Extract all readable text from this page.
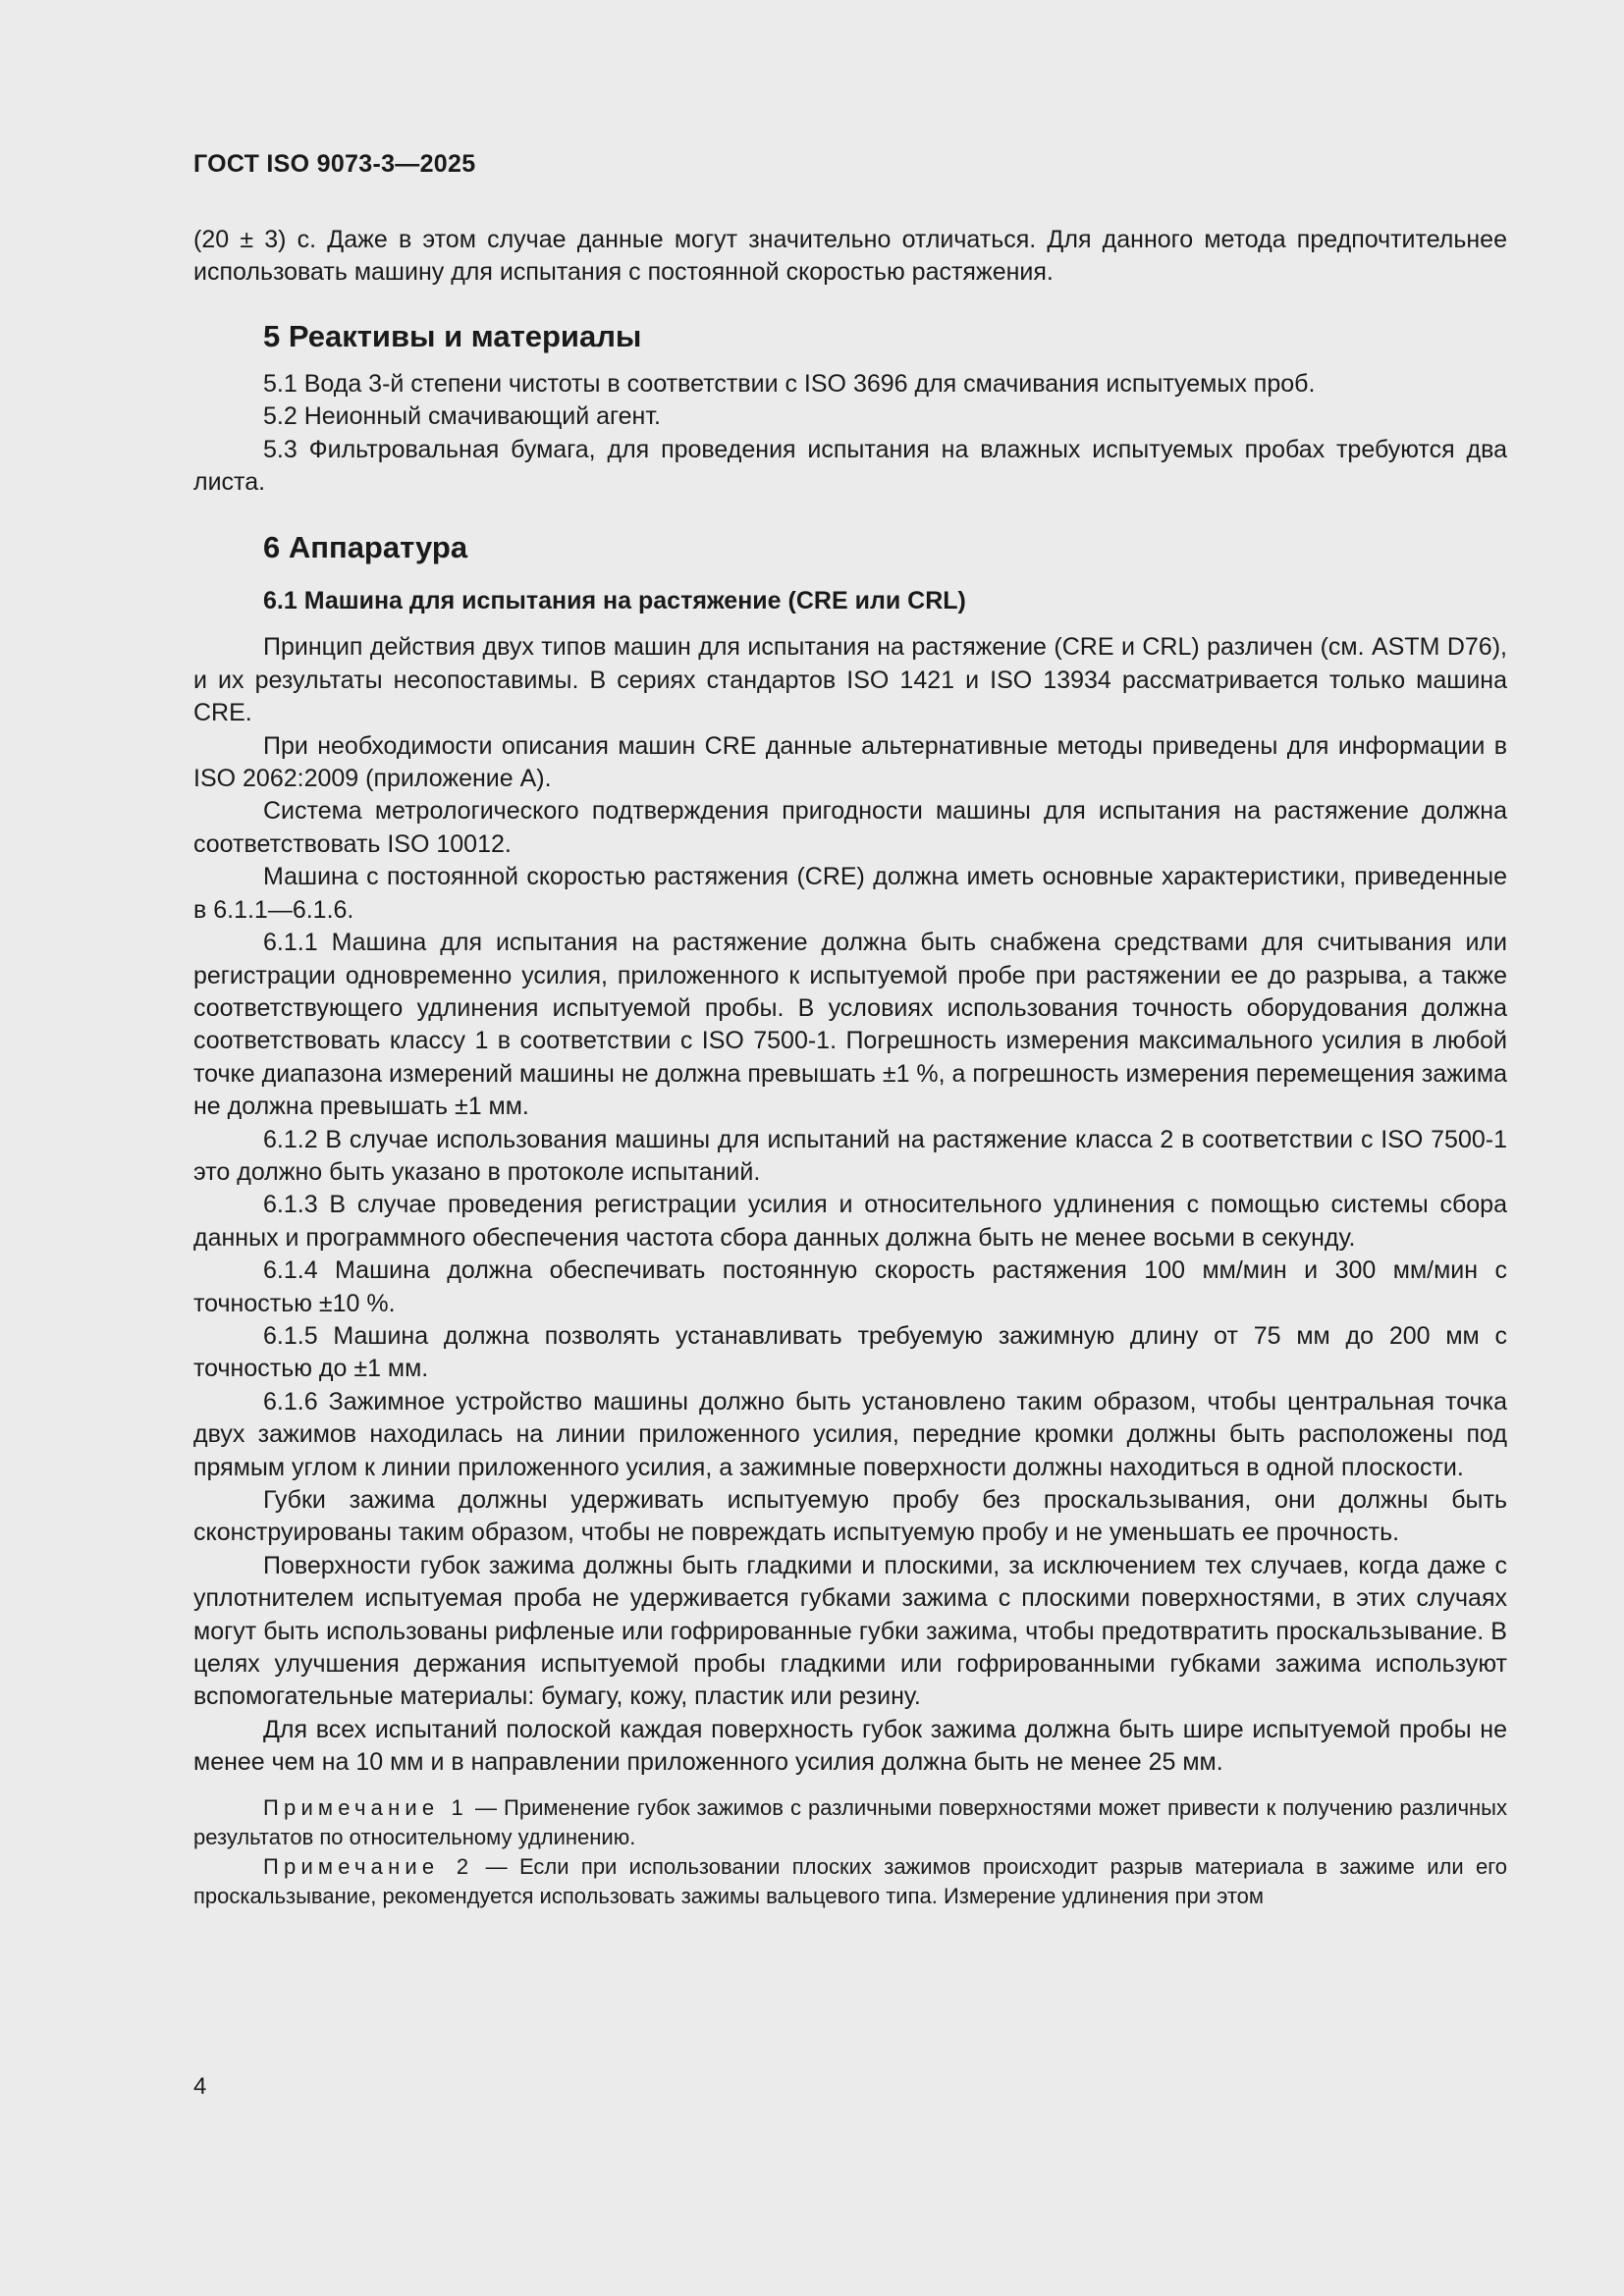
ГОСТ ISO 9073-3—2025

(20 ± 3) с. Даже в этом случае данные могут значительно отличаться. Для данного метода предпочтительнее использовать машину для испытания с постоянной скоростью растяжения.

5 Реактивы и материалы

5.1 Вода 3-й степени чистоты в соответствии с ISO 3696 для смачивания испытуемых проб.

5.2 Неионный смачивающий агент.

5.3 Фильтровальная бумага, для проведения испытания на влажных испытуемых пробах требуются два листа.

6 Аппаратура
6.1 Машина для испытания на растяжение (CRE или CRL)

Принцип действия двух типов машин для испытания на растяжение (CRE и CRL) различен (см. ASTM D76), и их результаты несопоставимы. В сериях стандартов ISO 1421 и ISO 13934 рассматривается только машина CRE.

При необходимости описания машин CRE данные альтернативные методы приведены для информации в ISO 2062:2009 (приложение А).

Система метрологического подтверждения пригодности машины для испытания на растяжение должна соответствовать ISO 10012.

Машина с постоянной скоростью растяжения (CRE) должна иметь основные характеристики, приведенные в 6.1.1—6.1.6.

6.1.1 Машина для испытания на растяжение должна быть снабжена средствами для считывания или регистрации одновременно усилия, приложенного к испытуемой пробе при растяжении ее до разрыва, а также соответствующего удлинения испытуемой пробы. В условиях использования точность оборудования должна соответствовать классу 1 в соответствии с ISO 7500-1. Погрешность измерения максимального усилия в любой точке диапазона измерений машины не должна превышать ±1 %, а погрешность измерения перемещения зажима не должна превышать ±1 мм.

6.1.2 В случае использования машины для испытаний на растяжение класса 2 в соответствии с ISO 7500-1 это должно быть указано в протоколе испытаний.

6.1.3 В случае проведения регистрации усилия и относительного удлинения с помощью системы сбора данных и программного обеспечения частота сбора данных должна быть не менее восьми в секунду.

6.1.4 Машина должна обеспечивать постоянную скорость растяжения 100 мм/мин и 300 мм/мин с точностью ±10 %.

6.1.5 Машина должна позволять устанавливать требуемую зажимную длину от 75 мм до 200 мм с точностью до ±1 мм.

6.1.6 Зажимное устройство машины должно быть установлено таким образом, чтобы центральная точка двух зажимов находилась на линии приложенного усилия, передние кромки должны быть расположены под прямым углом к линии приложенного усилия, а зажимные поверхности должны находиться в одной плоскости.

Губки зажима должны удерживать испытуемую пробу без проскальзывания, они должны быть сконструированы таким образом, чтобы не повреждать испытуемую пробу и не уменьшать ее прочность.

Поверхности губок зажима должны быть гладкими и плоскими, за исключением тех случаев, когда даже с уплотнителем испытуемая проба не удерживается губками зажима с плоскими поверхностями, в этих случаях могут быть использованы рифленые или гофрированные губки зажима, чтобы предотвратить проскальзывание. В целях улучшения держания испытуемой пробы гладкими или гофрированными губками зажима используют вспомогательные материалы: бумагу, кожу, пластик или резину.

Для всех испытаний полоской каждая поверхность губок зажима должна быть шире испытуемой пробы не менее чем на 10 мм и в направлении приложенного усилия должна быть не менее 25 мм.

Примечание 1 — Применение губок зажимов с различными поверхностями может привести к получению различных результатов по относительному удлинению.

Примечание 2 — Если при использовании плоских зажимов происходит разрыв материала в зажиме или его проскальзывание, рекомендуется использовать зажимы вальцевого типа. Измерение удлинения при этом

4
